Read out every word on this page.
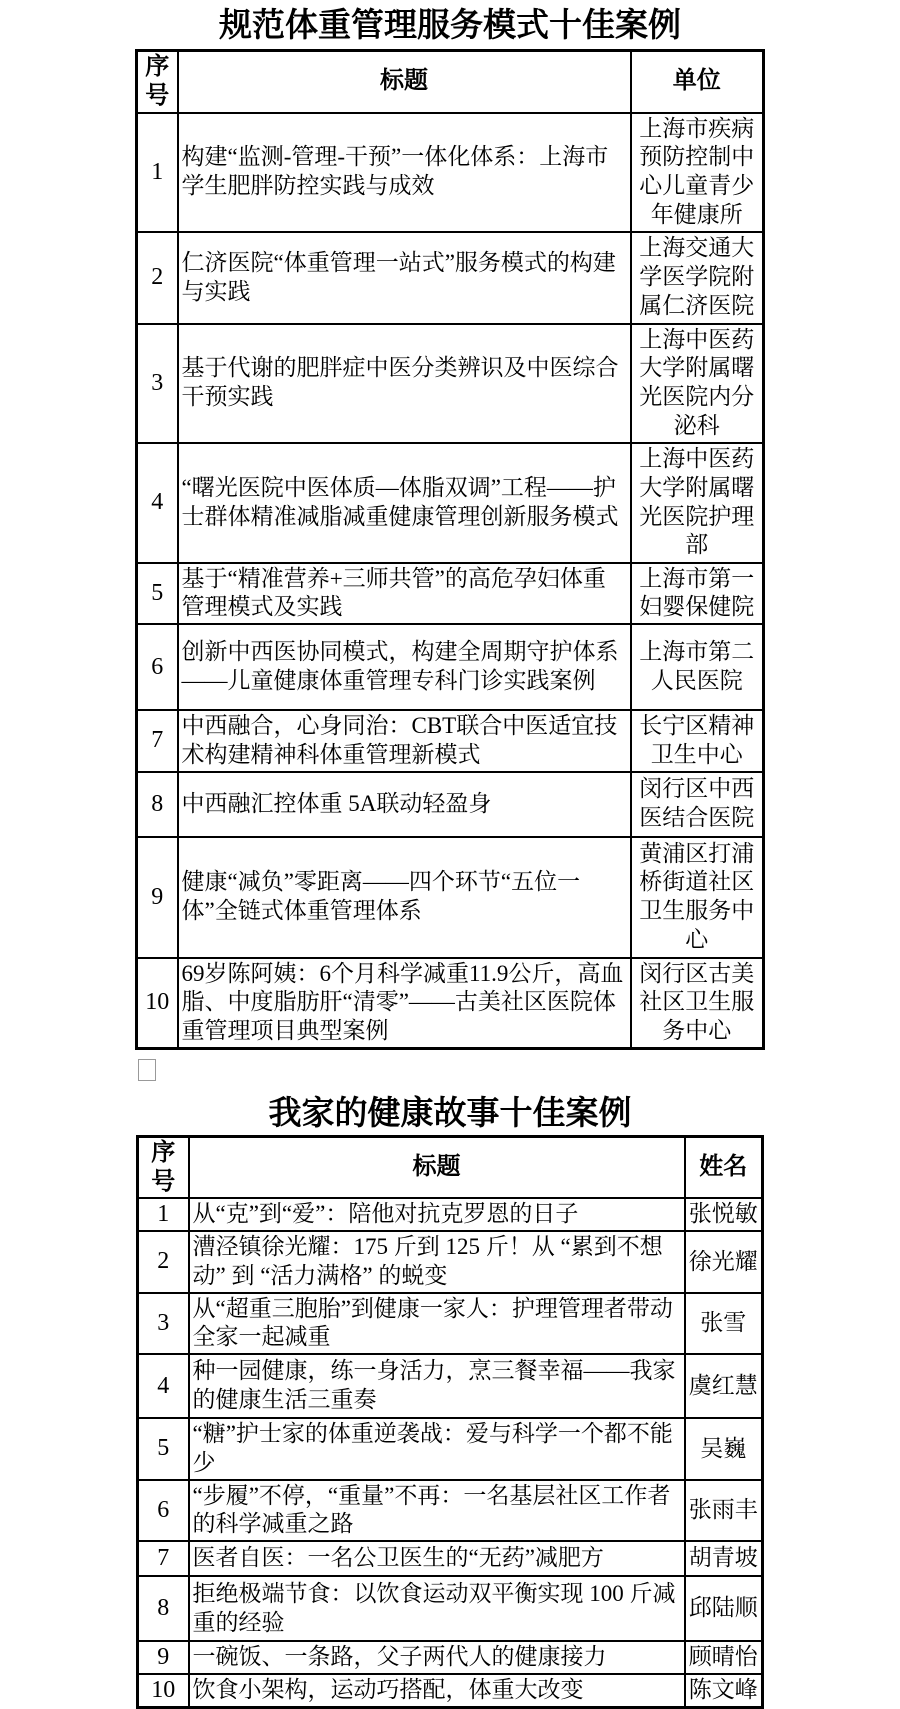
规范体重管理服务模式十佳案例
序号	标题	单位
1	构建“监测-管理-干预”一体化体系：上海市学生肥胖防控实践与成效	上海市疾病预防控制中心儿童青少年健康所
2	仁济医院“体重管理一站式”服务模式的构建与实践	上海交通大学医学院附属仁济医院
3	基于代谢的肥胖症中医分类辨识及中医综合干预实践	上海中医药大学附属曙光医院内分泌科
4	“曙光医院中医体质—体脂双调”工程——护士群体精准减脂减重健康管理创新服务模式	上海中医药大学附属曙光医院护理部
5	基于“精准营养+三师共管”的高危孕妇体重管理模式及实践	上海市第一妇婴保健院
6	创新中西医协同模式，构建全周期守护体系 ——儿童健康体重管理专科门诊实践案例	上海市第二人民医院
7	中西融合，心身同治：CBT联合中医适宜技术构建精神科体重管理新模式	长宁区精神卫生中心
8	中西融汇控体重 5A联动轻盈身	闵行区中西医结合医院
9	健康“减负”零距离——四个环节“五位一体”全链式体重管理体系	黄浦区打浦桥街道社区卫生服务中心
10	69岁陈阿姨：6个月科学减重11.9公斤，高血脂、中度脂肪肝“清零”——古美社区医院体重管理项目典型案例	闵行区古美社区卫生服务中心
我家的健康故事十佳案例
序号	标题	姓名
1	从“克”到“爱”：陪他对抗克罗恩的日子	张悦敏
2	漕泾镇徐光耀：175 斤到 125 斤！从 “累到不想动” 到 “活力满格” 的蜕变	徐光耀
3	从“超重三胞胎”到健康一家人：护理管理者带动全家一起减重	张雪
4	种一园健康，练一身活力，烹三餐幸福——我家的健康生活三重奏	虞红慧
5	“糖”护士家的体重逆袭战：爱与科学一个都不能少	吴巍
6	“步履”不停，“重量”不再：一名基层社区工作者的科学减重之路	张雨丰
7	医者自医：一名公卫医生的“无药”减肥方	胡青坡
8	拒绝极端节食：以饮食运动双平衡实现 100 斤减重的经验	邱陆顺
9	一碗饭、一条路，父子两代人的健康接力	顾晴怡
10	饮食小架构，运动巧搭配，体重大改变	陈文峰
